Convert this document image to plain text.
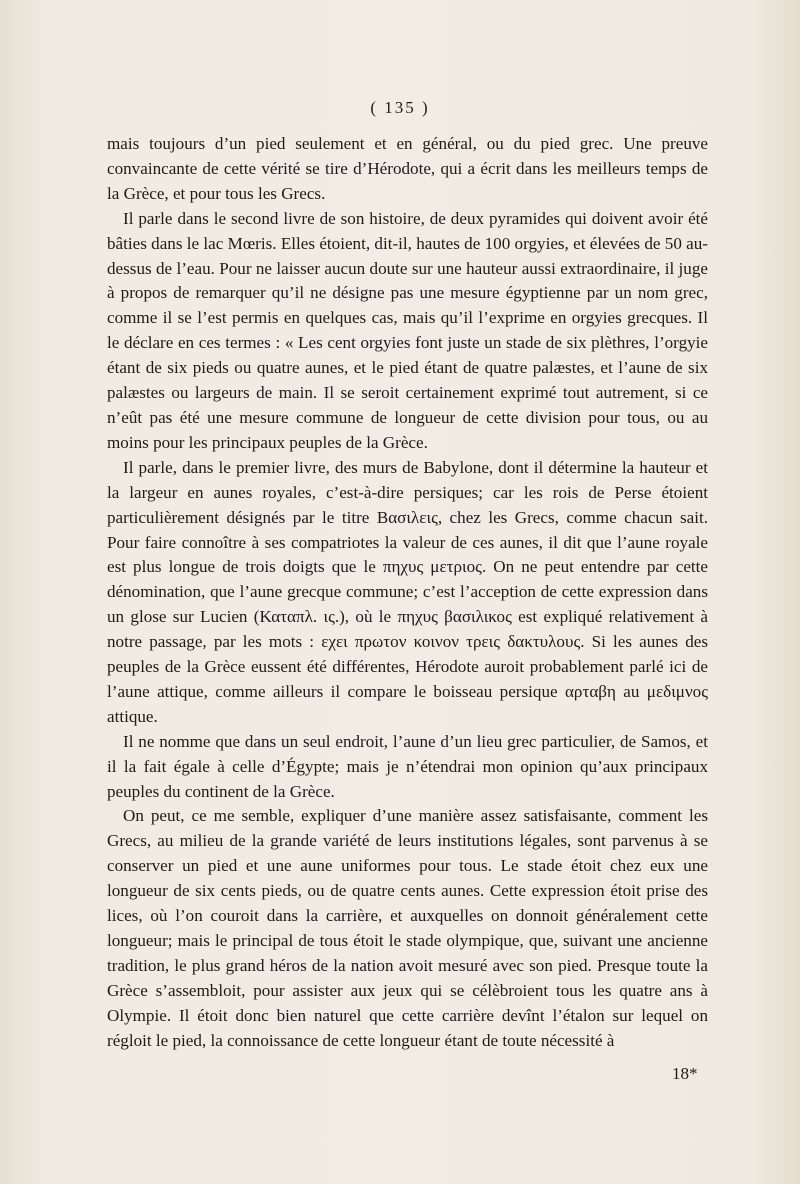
( 135 )

mais toujours d’un pied seulement et en général, ou du pied grec. Une preuve convaincante de cette vérité se tire d’Hérodote, qui a écrit dans les meilleurs temps de la Grèce, et pour tous les Grecs.

Il parle dans le second livre de son histoire, de deux pyramides qui doivent avoir été bâties dans le lac Mœris. Elles étoient, dit-il, hautes de 100 orgyies, et élevées de 50 au-dessus de l’eau. Pour ne laisser aucun doute sur une hauteur aussi extraordinaire, il juge à propos de remarquer qu’il ne désigne pas une mesure égyptienne par un nom grec, comme il se l’est permis en quelques cas, mais qu’il l’exprime en orgyies grecques. Il le déclare en ces termes : « Les cent orgyies font juste un stade de six plèthres, l’orgyie étant de six pieds ou quatre aunes, et le pied étant de quatre palæstes, et l’aune de six palæstes ou largeurs de main. Il se seroit certainement exprimé tout autrement, si ce n’eût pas été une mesure commune de longueur de cette division pour tous, ou au moins pour les principaux peuples de la Grèce.

Il parle, dans le premier livre, des murs de Babylone, dont il détermine la hauteur et la largeur en aunes royales, c’est-à-dire persiques; car les rois de Perse étoient particulièrement désignés par le titre Βασιλεις, chez les Grecs, comme chacun sait. Pour faire connoître à ses compatriotes la valeur de ces aunes, il dit que l’aune royale est plus longue de trois doigts que le πηχυς μετριος. On ne peut entendre par cette dénomination, que l’aune grecque commune; c’est l’acception de cette expression dans un glose sur Lucien (Καταπλ. ις.), où le πηχυς βασιλικος est expliqué relativement à notre passage, par les mots : εχει πρωτον κοινον τρεις δακτυλους. Si les aunes des peuples de la Grèce eussent été différentes, Hérodote auroit probablement parlé ici de l’aune attique, comme ailleurs il compare le boisseau persique αρταβη au μεδιμνος attique.

Il ne nomme que dans un seul endroit, l’aune d’un lieu grec particulier, de Samos, et il la fait égale à celle d’Égypte; mais je n’étendrai mon opinion qu’aux principaux peuples du continent de la Grèce.

On peut, ce me semble, expliquer d’une manière assez satisfaisante, comment les Grecs, au milieu de la grande variété de leurs institutions légales, sont parvenus à se conserver un pied et une aune uniformes pour tous. Le stade étoit chez eux une longueur de six cents pieds, ou de quatre cents aunes. Cette expression étoit prise des lices, où l’on couroit dans la carrière, et auxquelles on donnoit généralement cette longueur; mais le principal de tous étoit le stade olympique, que, suivant une ancienne tradition, le plus grand héros de la nation avoit mesuré avec son pied. Presque toute la Grèce s’assembloit, pour assister aux jeux qui se célèbroient tous les quatre ans à Olympie. Il étoit donc bien naturel que cette carrière devînt l’étalon sur lequel on régloit le pied, la connoissance de cette longueur étant de toute nécessité à

18*
